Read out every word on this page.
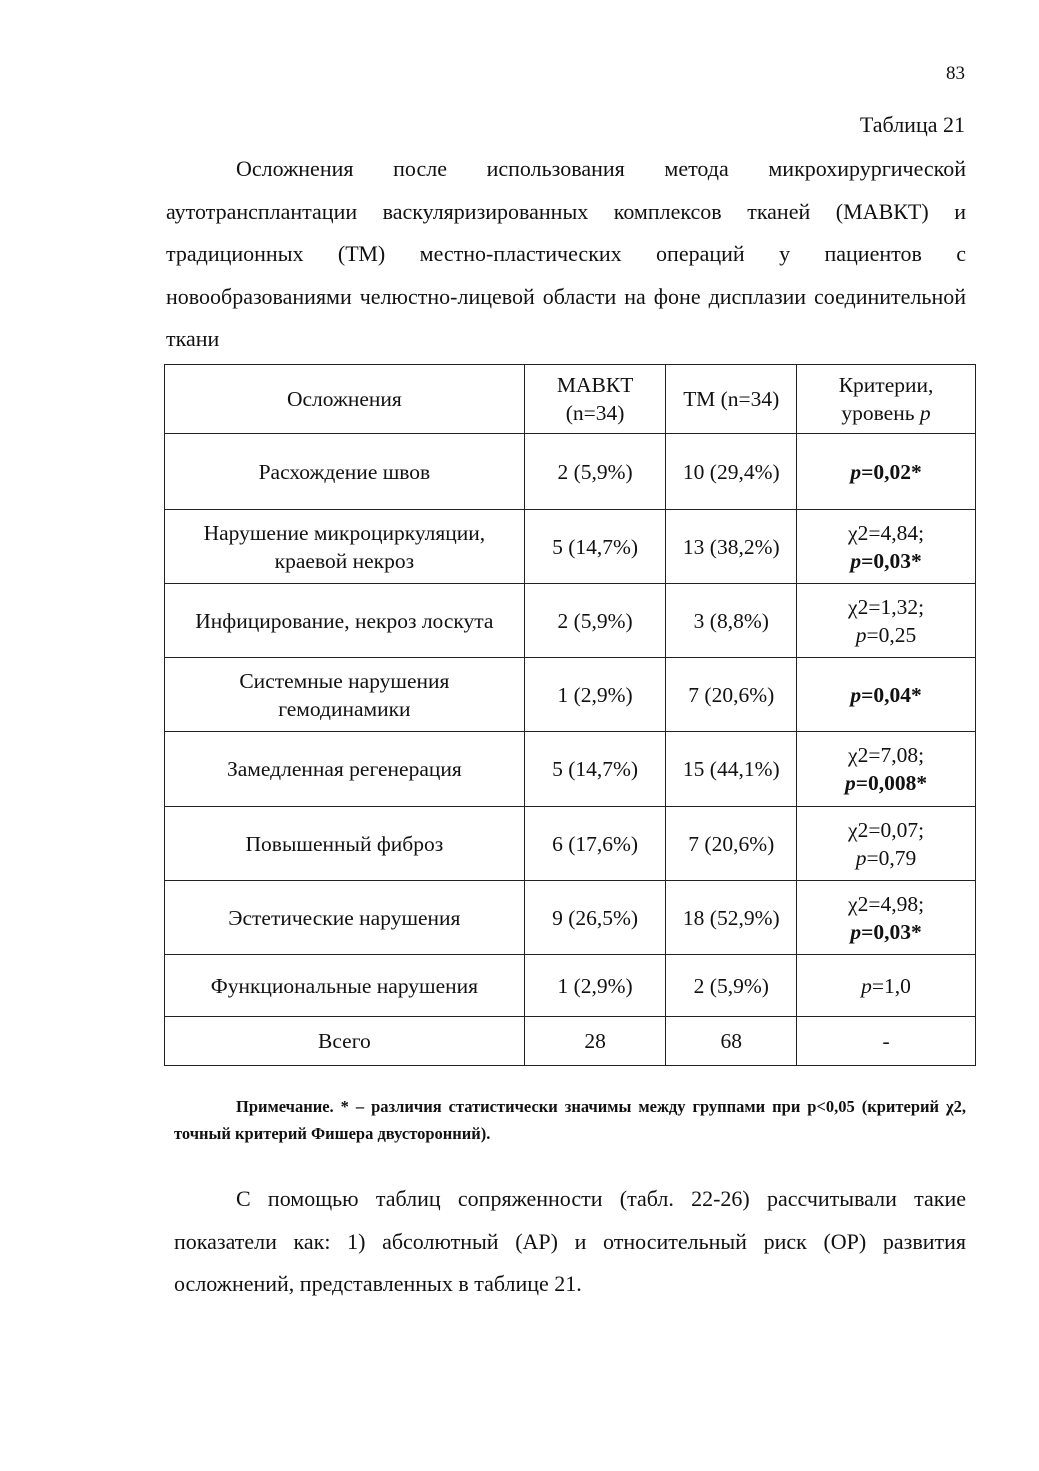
83
Таблица 21
Осложнения после использования метода микрохирургической аутотрансплантации васкуляризированных комплексов тканей (МАВКТ) и традиционных (ТМ) местно-пластических операций у пациентов с новообразованиями челюстно-лицевой области на фоне дисплазии соединительной ткани
Осложнения	МАВКТ (n=34)	ТМ (n=34)	Критерии, уровень p
Расхождение швов	2 (5,9%)	10 (29,4%)	p=0,02*

Нарушение микроциркуляции, краевой некроз	5 (14,7%)	13 (38,2%)	χ2=4,84;
p=0,03*

Инфицирование, некроз лоскута	2 (5,9%)	3 (8,8%)	χ2=1,32;
p=0,25

Системные нарушения гемодинамики	1 (2,9%)	7 (20,6%)	p=0,04*

Замедленная регенерация	5 (14,7%)	15 (44,1%)	χ2=7,08;
p=0,008*

Повышенный фиброз	6 (17,6%)	7 (20,6%)	χ2=0,07;
p=0,79

Эстетические нарушения	9 (26,5%)	18 (52,9%)	χ2=4,98;
p=0,03*

Функциональные нарушения	1 (2,9%)	2 (5,9%)	p=1,0

Всего	28	68	-
Примечание. * – различия статистически значимы между группами при p<0,05 (критерий χ2, точный критерий Фишера двусторонний).
С помощью таблиц сопряженности (табл. 22-26) рассчитывали такие показатели как: 1) абсолютный (АР) и относительный риск (ОР) развития осложнений, представленных в таблице 21.
